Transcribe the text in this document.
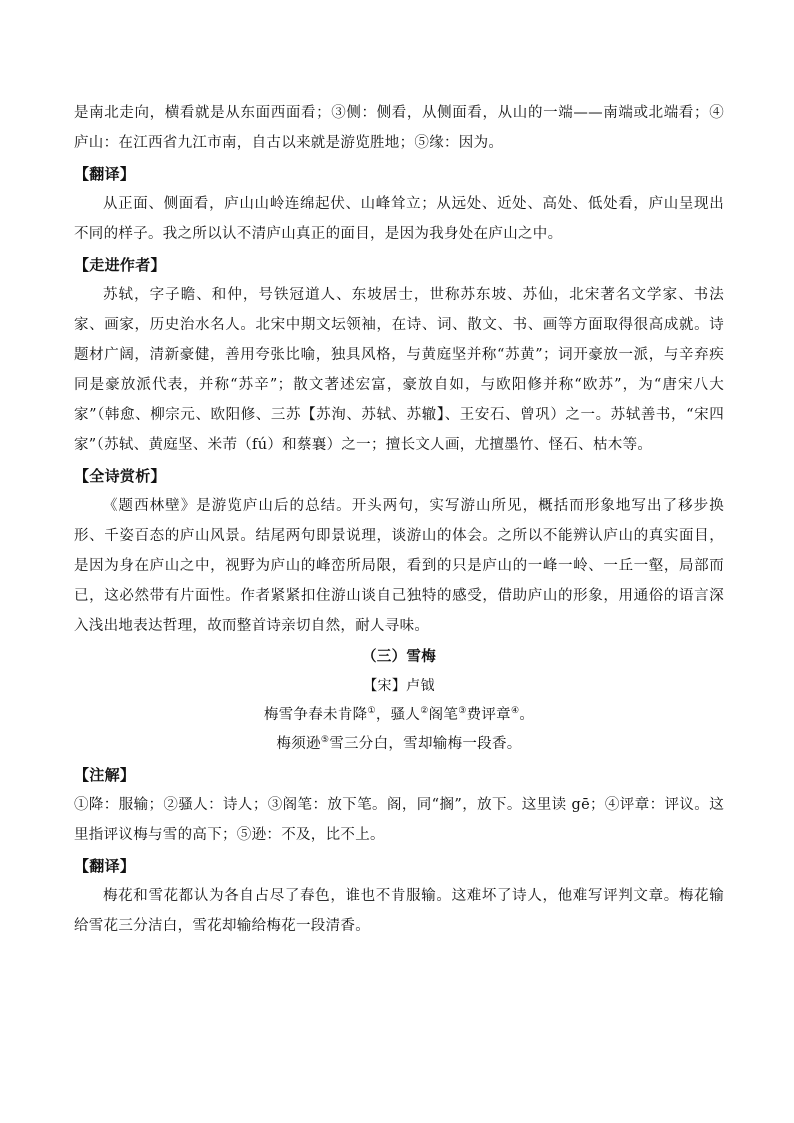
是南北走向，横看就是从东面西面看；③侧：侧看，从侧面看，从山的一端——南端或北端看；④庐山：在江西省九江市南，自古以来就是游览胜地；⑤缘：因为。

【翻译】

从正面、侧面看，庐山山岭连绵起伏、山峰耸立；从远处、近处、高处、低处看，庐山呈现出不同的样子。我之所以认不清庐山真正的面目，是因为我身处在庐山之中。

【走进作者】

苏轼，字子瞻、和仲，号铁冠道人、东坡居士，世称苏东坡、苏仙，北宋著名文学家、书法家、画家，历史治水名人。北宋中期文坛领袖，在诗、词、散文、书、画等方面取得很高成就。诗题材广阔，清新豪健，善用夸张比喻，独具风格，与黄庭坚并称“苏黄”；词开豪放一派，与辛弃疾同是豪放派代表，并称“苏辛”；散文著述宏富，豪放自如，与欧阳修并称“欧苏”，为“唐宋八大家”（韩愈、柳宗元、欧阳修、三苏【苏洵、苏轼、苏辙】、王安石、曾巩）之一。苏轼善书，“宋四家”（苏轼、黄庭坚、米芾（fú）和蔡襄）之一；擅长文人画，尤擅墨竹、怪石、枯木等。

【全诗赏析】

《题西林壁》是游览庐山后的总结。开头两句，实写游山所见，概括而形象地写出了移步换形、千姿百态的庐山风景。结尾两句即景说理，谈游山的体会。之所以不能辨认庐山的真实面目，是因为身在庐山之中，视野为庐山的峰峦所局限，看到的只是庐山的一峰一岭、一丘一壑，局部而已，这必然带有片面性。作者紧紧扣住游山谈自己独特的感受，借助庐山的形象，用通俗的语言深入浅出地表达哲理，故而整首诗亲切自然，耐人寻味。

（三）雪梅

【宋】卢钺

梅雪争春未肯降①，骚人②阁笔③费评章④。

梅须逊⑤雪三分白，雪却输梅一段香。

【注解】

①降：服输；②骚人：诗人；③阁笔：放下笔。阁，同“搁”，放下。这里读 gē；④评章：评议。这里指评议梅与雪的高下；⑤逊：不及，比不上。

【翻译】

梅花和雪花都认为各自占尽了春色，谁也不肯服输。这难坏了诗人，他难写评判文章。梅花输给雪花三分洁白，雪花却输给梅花一段清香。
